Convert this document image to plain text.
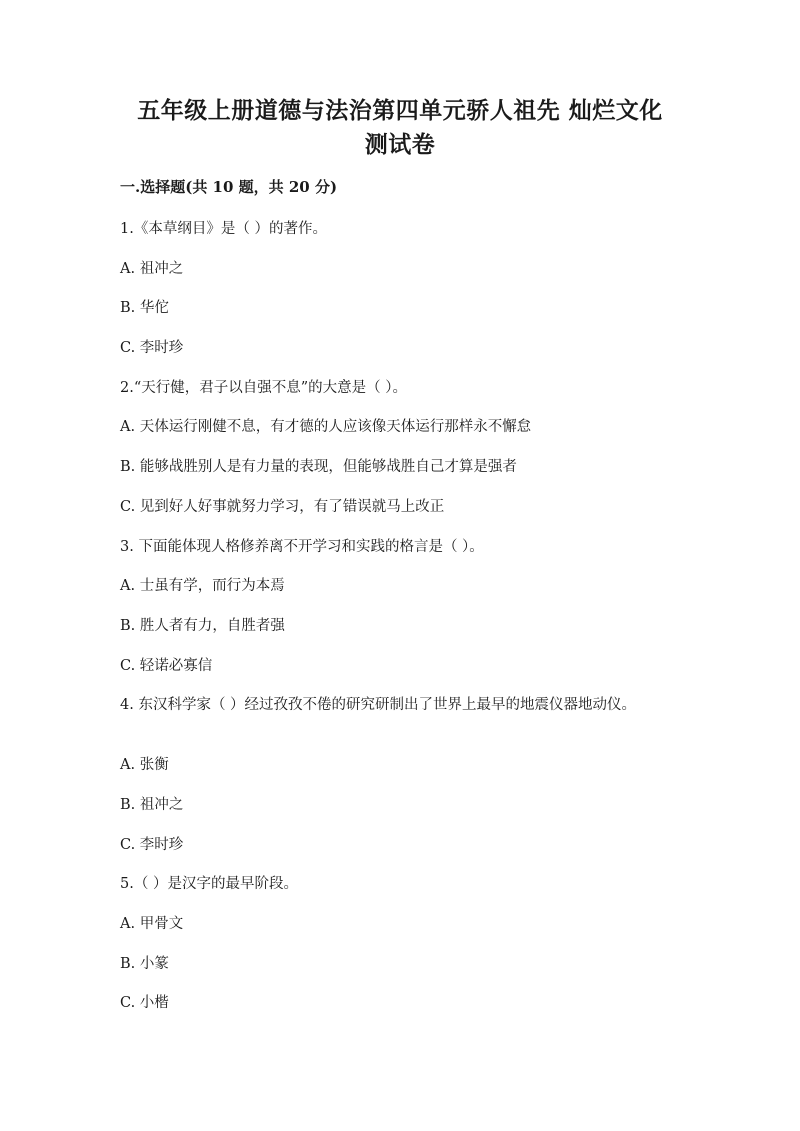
五年级上册道德与法治第四单元骄人祖先 灿烂文化
测试卷
一.选择题(共 10 题，共 20 分)
1.《本草纲目》是（ ）的著作。
A. 祖冲之
B. 华佗
C. 李时珍
2.“天行健，君子以自强不息”的大意是（ ）。
A. 天体运行刚健不息，有才德的人应该像天体运行那样永不懈怠
B. 能够战胜别人是有力量的表现，但能够战胜自己才算是强者
C. 见到好人好事就努力学习，有了错误就马上改正
3. 下面能体现人格修养离不开学习和实践的格言是（ ）。
A. 士虽有学，而行为本焉
B. 胜人者有力，自胜者强
C. 轻诺必寡信
4. 东汉科学家（ ）经过孜孜不倦的研究研制出了世界上最早的地震仪器地动仪。
A. 张衡
B. 祖冲之
C. 李时珍
5.（ ）是汉字的最早阶段。
A. 甲骨文
B. 小篆
C. 小楷
